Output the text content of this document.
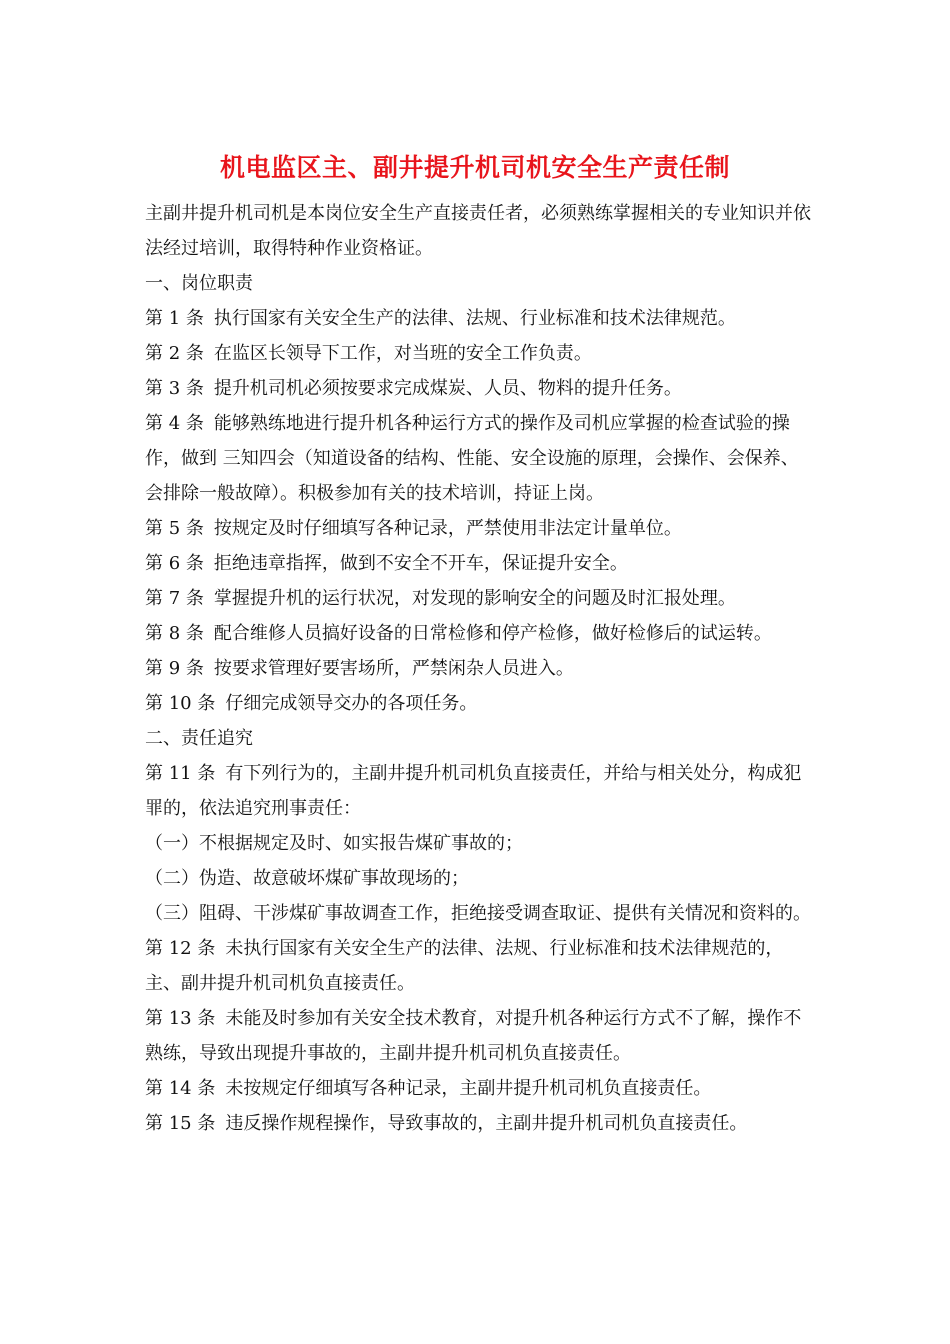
机电监区主、副井提升机司机安全生产责任制

主副井提升机司机是本岗位安全生产直接责任者，必须熟练掌握相关的专业知识并依法经过培训，取得特种作业资格证。

一、岗位职责

第 1 条 执行国家有关安全生产的法律、法规、行业标准和技术法律规范。

第 2 条 在监区长领导下工作，对当班的安全工作负责。

第 3 条 提升机司机必须按要求完成煤炭、人员、物料的提升任务。

第 4 条 能够熟练地进行提升机各种运行方式的操作及司机应掌握的检查试验的操作，做到 三知四会（知道设备的结构、性能、安全设施的原理，会操作、会保养、会排除一般故障）。积极参加有关的技术培训，持证上岗。

第 5 条 按规定及时仔细填写各种记录，严禁使用非法定计量单位。

第 6 条 拒绝违章指挥，做到不安全不开车，保证提升安全。

第 7 条 掌握提升机的运行状况，对发现的影响安全的问题及时汇报处理。

第 8 条 配合维修人员搞好设备的日常检修和停产检修，做好检修后的试运转。

第 9 条 按要求管理好要害场所，严禁闲杂人员进入。

第 10 条 仔细完成领导交办的各项任务。

二、责任追究

第 11 条 有下列行为的，主副井提升机司机负直接责任，并给与相关处分，构成犯罪的，依法追究刑事责任：

（一）不根据规定及时、如实报告煤矿事故的；

（二）伪造、故意破坏煤矿事故现场的；

（三）阻碍、干涉煤矿事故调查工作，拒绝接受调查取证、提供有关情况和资料的。

第 12 条 未执行国家有关安全生产的法律、法规、行业标准和技术法律规范的，主、副井提升机司机负直接责任。

第 13 条 未能及时参加有关安全技术教育，对提升机各种运行方式不了解，操作不熟练，导致出现提升事故的，主副井提升机司机负直接责任。

第 14 条 未按规定仔细填写各种记录，主副井提升机司机负直接责任。

第 15 条 违反操作规程操作，导致事故的，主副井提升机司机负直接责任。
